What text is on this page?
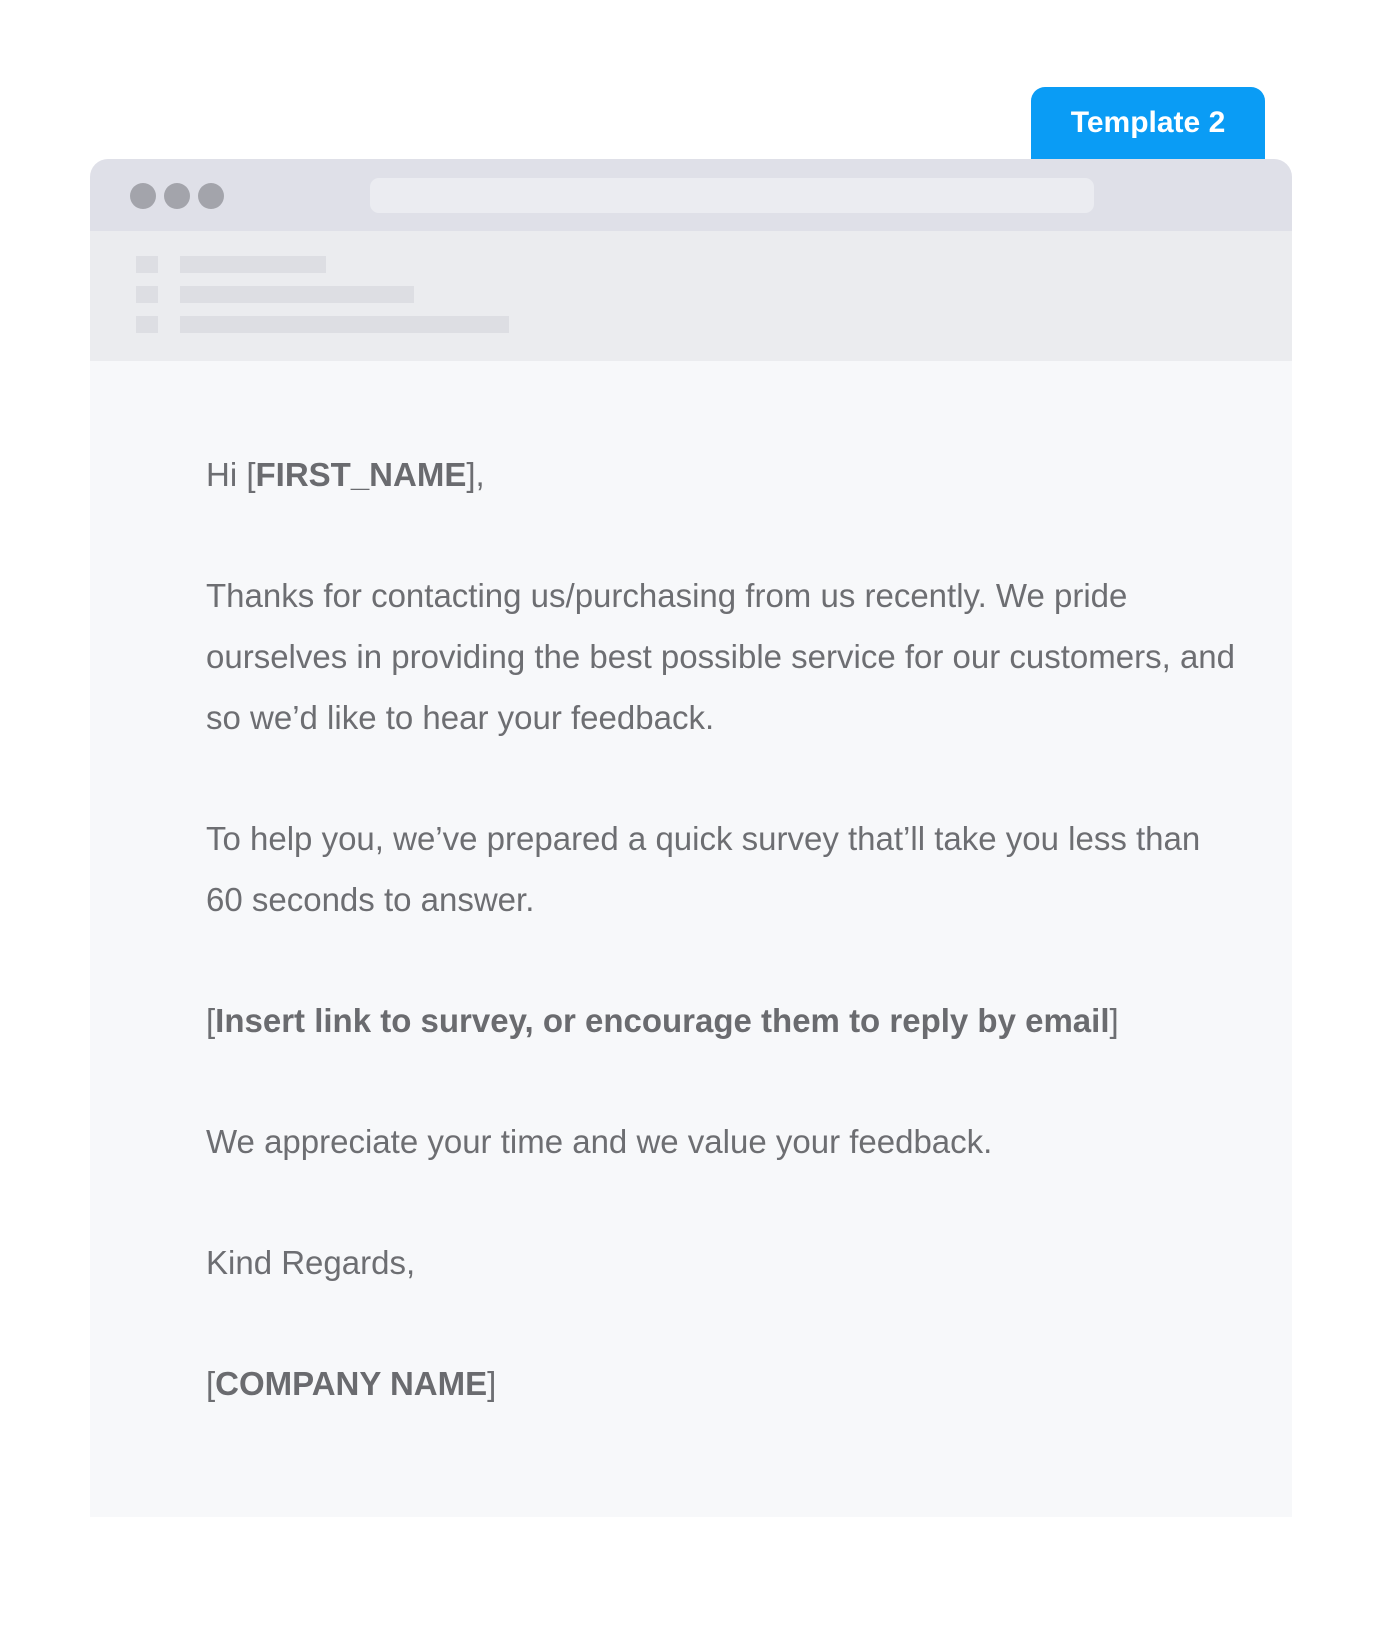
Template 2

Hi [FIRST_NAME],

Thanks for contacting us/purchasing from us recently. We pride ourselves in providing the best possible service for our customers, and so we’d like to hear your feedback.

To help you, we’ve prepared a quick survey that’ll take you less than 60 seconds to answer.

[Insert link to survey, or encourage them to reply by email]

We appreciate your time and we value your feedback.

Kind Regards,

[COMPANY NAME]
